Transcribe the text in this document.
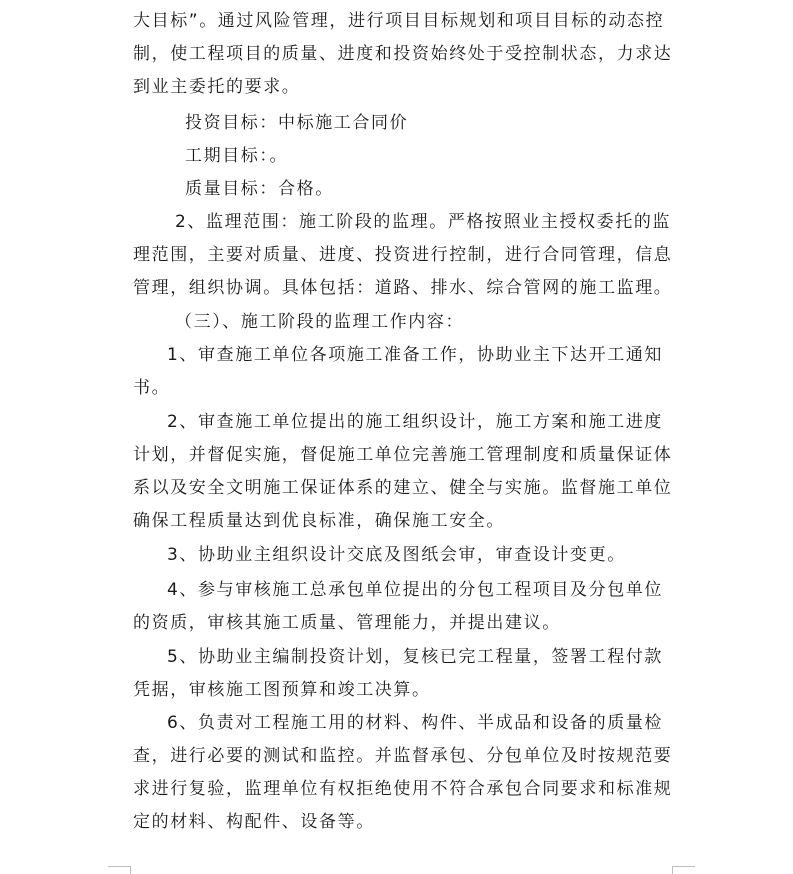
大目标”。通过风险管理，进行项目目标规划和项目目标的动态控制，使工程项目的质量、进度和投资始终处于受控制状态，力求达到业主委托的要求。

投资目标：中标施工合同价

工期目标：。

质量目标：合格。

2、监理范围：施工阶段的监理。严格按照业主授权委托的监理范围，主要对质量、进度、投资进行控制，进行合同管理，信息管理，组织协调。具体包括：道路、排水、综合管网的施工监理。

（三）、施工阶段的监理工作内容：

1、审查施工单位各项施工准备工作，协助业主下达开工通知书。

2、审查施工单位提出的施工组织设计，施工方案和施工进度计划，并督促实施，督促施工单位完善施工管理制度和质量保证体系以及安全文明施工保证体系的建立、健全与实施。监督施工单位确保工程质量达到优良标准，确保施工安全。

3、协助业主组织设计交底及图纸会审，审查设计变更。

4、参与审核施工总承包单位提出的分包工程项目及分包单位的资质，审核其施工质量、管理能力，并提出建议。

5、协助业主编制投资计划，复核已完工程量，签署工程付款凭据，审核施工图预算和竣工决算。

6、负责对工程施工用的材料、构件、半成品和设备的质量检查，进行必要的测试和监控。并监督承包、分包单位及时按规范要求进行复验，监理单位有权拒绝使用不符合承包合同要求和标准规定的材料、构配件、设备等。
